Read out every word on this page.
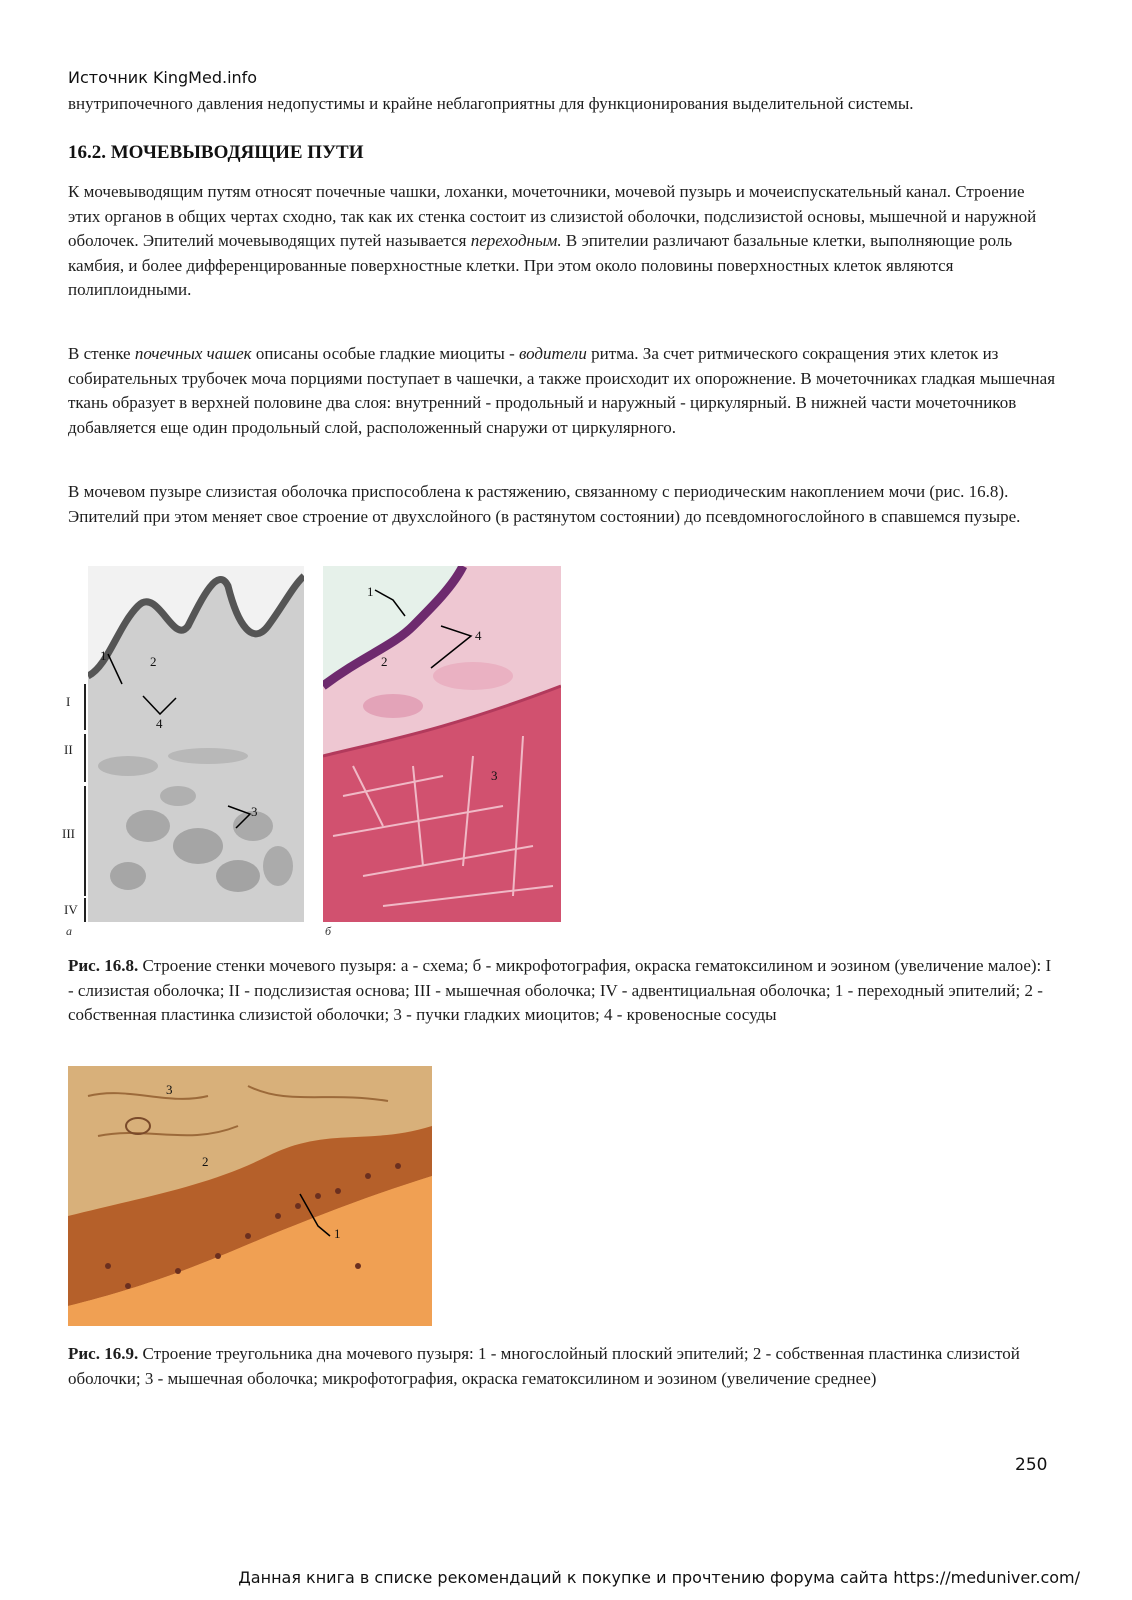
Источник KingMed.info

внутрипочечного давления недопустимы и крайне неблагоприятны для функционирования выделительной системы.

16.2. МОЧЕВЫВОДЯЩИЕ ПУТИ

К мочевыводящим путям относят почечные чашки, лоханки, мочеточники, мочевой пузырь и мочеиспускательный канал. Строение этих органов в общих чертах сходно, так как их стенка состоит из слизистой оболочки, подслизистой основы, мышечной и наружной оболочек. Эпителий мочевыводящих путей называется переходным. В эпителии различают базальные клетки, выполняющие роль камбия, и более дифференцированные поверхностные клетки. При этом около половины поверхностных клеток являются полиплоидными.

В стенке почечных чашек описаны особые гладкие миоциты - водители ритма. За счет ритмического сокращения этих клеток из собирательных трубочек моча порциями поступает в чашечки, а также происходит их опорожнение. В мочеточниках гладкая мышечная ткань образует в верхней половине два слоя: внутренний - продольный и наружный - циркулярный. В нижней части мочеточников добавляется еще один продольный слой, расположенный снаружи от циркулярного.

В мочевом пузыре слизистая оболочка приспособлена к растяжению, связанному с периодическим накоплением мочи (рис. 16.8). Эпителий при этом меняет свое строение от двухслойного (в растянутом состоянии) до псевдомногослойного в спавшемся пузыре.

1	2
3
4
I
II
III
IV
а
1
2
3
4
б

Рис. 16.8. Строение стенки мочевого пузыря: а - схема; б - микрофотография, окраска гематоксилином и эозином (увеличение малое): I - слизистая оболочка; II - подслизистая основа; III - мышечная оболочка; IV - адвентициальная оболочка; 1 - переходный эпителий; 2 - собственная пластинка слизистой оболочки; 3 - пучки гладких миоцитов; 4 - кровеносные сосуды

3
2
1

Рис. 16.9. Строение треугольника дна мочевого пузыря: 1 - многослойный плоский эпителий; 2 - собственная пластинка слизистой оболочки; 3 - мышечная оболочка; микрофотография, окраска гематоксилином и эозином (увеличение среднее)

250
Данная книга в списке рекомендаций к покупке и прочтению форума сайта https://meduniver.com/
